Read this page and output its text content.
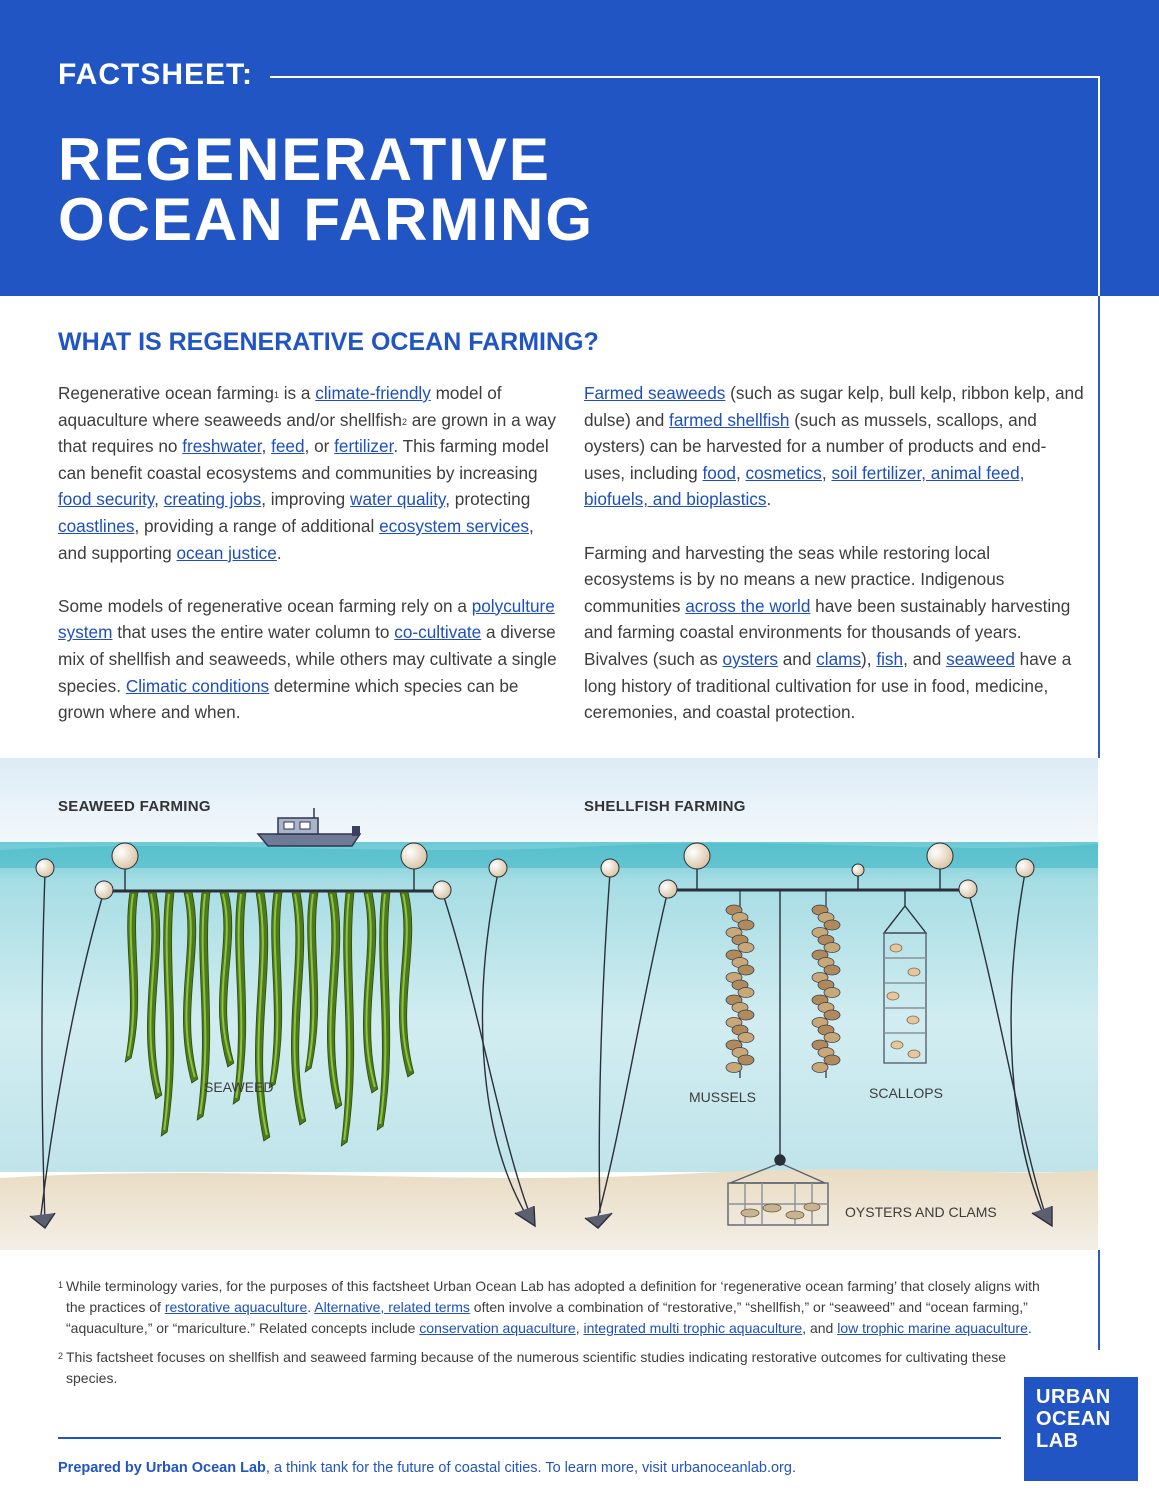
FACTSHEET:
REGENERATIVE
OCEAN FARMING
WHAT IS REGENERATIVE OCEAN FARMING?

Regenerative ocean farming$^1$ is a climate-friendly model of aquaculture where seaweeds and/or shellfish$^2$ are grown in a way that requires no freshwater, feed, or fertilizer. This farming model can benefit coastal ecosystems and communities by increasing food security, creating jobs, improving water quality, protecting coastlines, providing a range of additional ecosystem services, and supporting ocean justice.

Some models of regenerative ocean farming rely on a polyculture system that uses the entire water column to co-cultivate a diverse mix of shellfish and seaweeds, while others may cultivate a single species. Climatic conditions determine which species can be grown where and when.

Farmed seaweeds (such as sugar kelp, bull kelp, ribbon kelp, and dulse) and farmed shellfish (such as mussels, scallops, and oysters) can be harvested for a number of products and end-uses, including food, cosmetics, soil fertilizer, animal feed, biofuels, and bioplastics.

Farming and harvesting the seas while restoring local ecosystems is by no means a new practice. Indigenous communities across the world have been sustainably harvesting and farming coastal environments for thousands of years. Bivalves (such as oysters and clams), fish, and seaweed have a long history of traditional cultivation for use in food, medicine, ceremonies, and coastal protection.

SEAWEED FARMING	SHELLFISH FARMING
SEAWEED
MUSSELS	SCALLOPS
OYSTERS AND CLAMS
1 While terminology varies, for the purposes of this factsheet Urban Ocean Lab has adopted a definition for ‘regenerative ocean farming’ that closely aligns with the practices of restorative aquaculture. Alternative, related terms often involve a combination of “restorative,” “shellfish,” or “seaweed” and “ocean farming,” “aquaculture,” or “mariculture.” Related concepts include conservation aquaculture, integrated multi trophic aquaculture, and low trophic marine aquaculture.
2 This factsheet focuses on shellfish and seaweed farming because of the numerous scientific studies indicating restorative outcomes for cultivating these species.
Prepared by Urban Ocean Lab, a think tank for the future of coastal cities. To learn more, visit urbanoceanlab.org.
URBAN
OCEAN
LAB
